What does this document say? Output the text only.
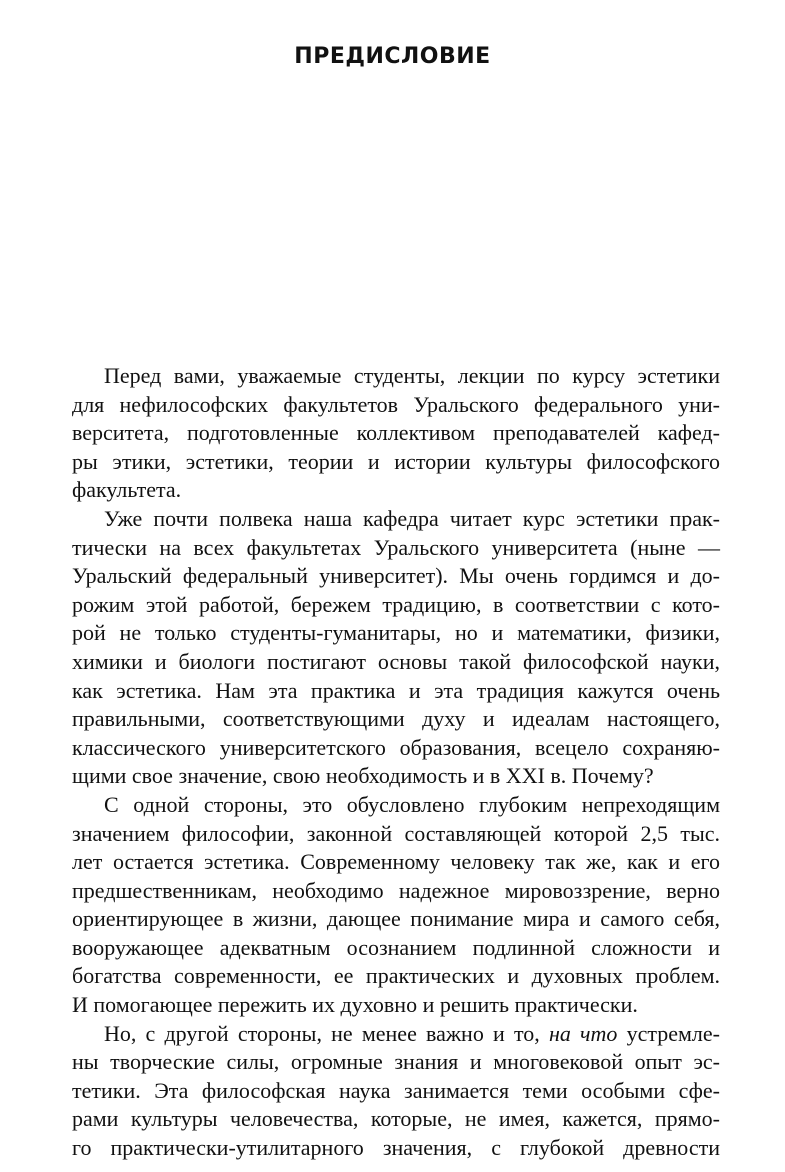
ПРЕДИСЛОВИЕ
Перед вами, уважаемые студенты, лекции по курсу эстетики
для нефилософских факультетов Уральского федерального уни-
верситета, подготовленные коллективом преподавателей кафед-
ры этики, эстетики, теории и истории культуры философского
факультета.
Уже почти полвека наша кафедра читает курс эстетики прак-
тически на всех факультетах Уральского университета (ныне —
Уральский федеральный университет). Мы очень гордимся и до-
рожим этой работой, бережем традицию, в соответствии с кото-
рой не только студенты-гуманитары, но и математики, физики,
химики и биологи постигают основы такой философской науки,
как эстетика. Нам эта практика и эта традиция кажутся очень
правильными, соответствующими духу и идеалам настоящего,
классического университетского образования, всецело сохраняю-
щими свое значение, свою необходимость и в XXI в. Почему?
С одной стороны, это обусловлено глубоким непреходящим
значением философии, законной составляющей которой 2,5 тыс.
лет остается эстетика. Современному человеку так же, как и его
предшественникам, необходимо надежное мировоззрение, верно
ориентирующее в жизни, дающее понимание мира и самого себя,
вооружающее адекватным осознанием подлинной сложности и
богатства современности, ее практических и духовных проблем.
И помогающее пережить их духовно и решить практически.
Но, с другой стороны, не менее важно и то, на что устремле-
ны творческие силы, огромные знания и многовековой опыт эс-
тетики. Эта философская наука занимается теми особыми сфе-
рами культуры человечества, которые, не имея, кажется, прямо-
го практически-утилитарного значения, с глубокой древности
